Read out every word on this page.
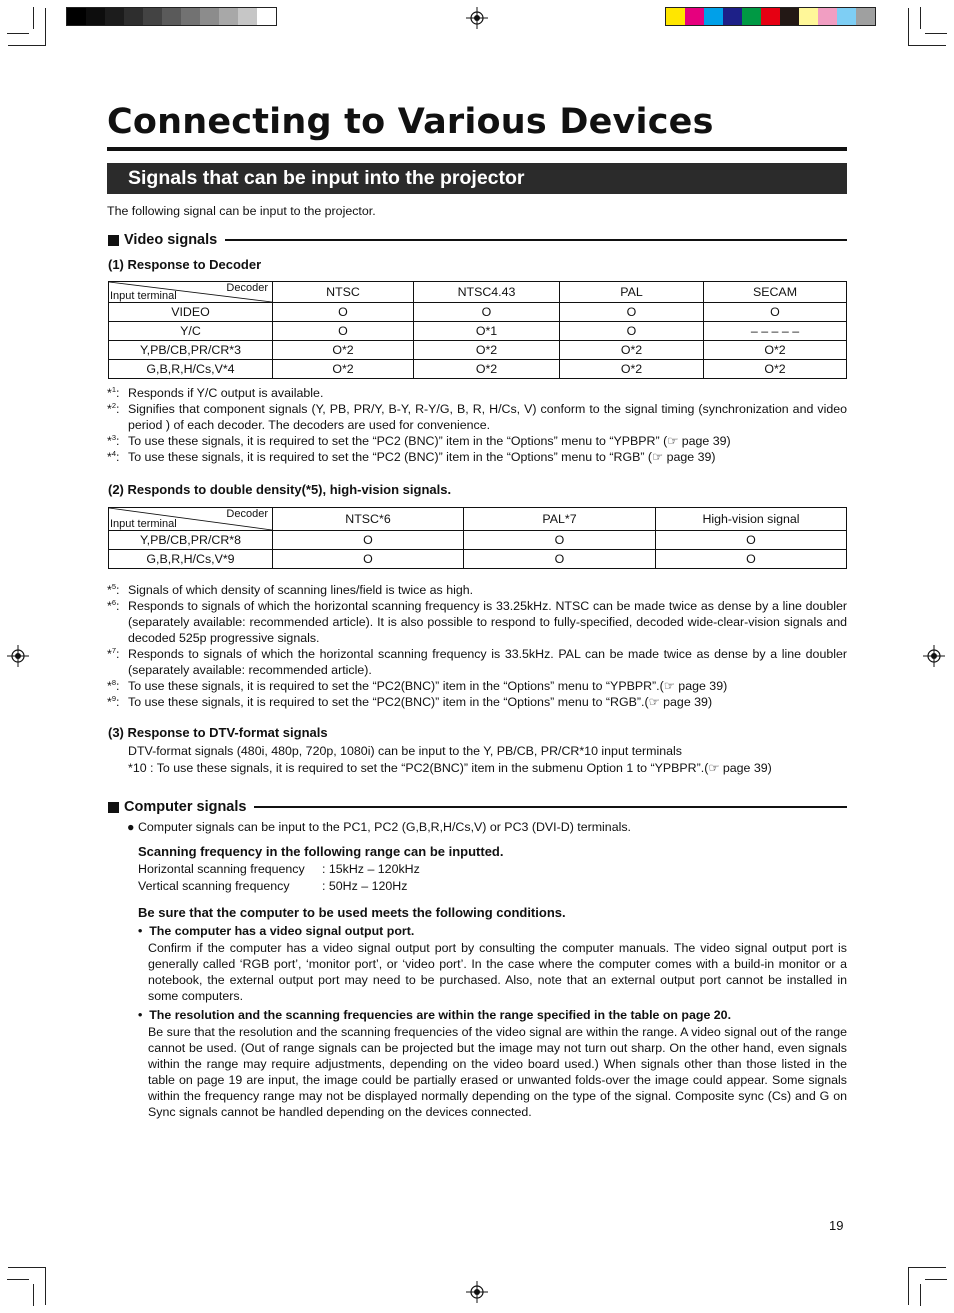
Connecting to Various Devices
Signals that can be input into the projector
The following signal can be input to the projector.
Video signals
(1) Response to Decoder
Decoder
Input terminal	NTSC	NTSC4.43	PAL	SECAM
VIDEO	O	O	O	O
Y/C	O	O*1	O	– – – – –
Y,PB/CB,PR/CR*3	O*2	O*2	O*2	O*2
G,B,R,H/Cs,V*4	O*2	O*2	O*2	O*2
*$^1$: Responds if Y/C output is available.
*$^2$: Signifies that component signals (Y, PB, PR/Y, B-Y, R-Y/G, B, R, H/Cs, V) conform to the signal timing (synchronization and video period ) of each decoder. The decoders are used for convenience.
*$^3$: To use these signals, it is required to set the “PC2 (BNC)” item in the “Options” menu to “YPBPR” (☞ page 39)
*$^4$: To use these signals, it is required to set the “PC2 (BNC)” item in the “Options” menu to “RGB” (☞ page 39)
(2) Responds to double density(*5), high-vision signals.
Decoder
Input terminal	NTSC*6	PAL*7	High-vision signal
Y,PB/CB,PR/CR*8	O	O	O
G,B,R,H/Cs,V*9	O	O	O
*$^5$: Signals of which density of scanning lines/field is twice as high.
*$^6$: Responds to signals of which the horizontal scanning frequency is 33.25kHz. NTSC can be made twice as dense by a line doubler (separately available: recommended article). It is also possible to respond to fully-specified, decoded wide-clear-vision signals and decoded 525p progressive signals.
*$^7$: Responds to signals of which the horizontal scanning frequency is 33.5kHz. PAL can be made twice as dense by a line doubler (separately available: recommended article).
*$^8$: To use these signals, it is required to set the “PC2(BNC)” item in the “Options” menu to “YPBPR”.(☞ page 39)
*$^9$: To use these signals, it is required to set the “PC2(BNC)” item in the “Options” menu to “RGB”.(☞ page 39)
(3) Response to DTV-format signals
DTV-format signals (480i, 480p, 720p, 1080i) can be input to the Y, PB/CB, PR/CR*10 input terminals
*10 : To use these signals, it is required to set the “PC2(BNC)” item in the submenu Option 1 to “YPBPR”.(☞ page 39)
Computer signals
● Computer signals can be input to the PC1, PC2 (G,B,R,H/Cs,V) or PC3 (DVI-D) terminals.
Scanning frequency in the following range can be inputted.
Horizontal scanning frequency : 15kHz – 120kHz
Vertical scanning frequency	: 50Hz – 120Hz
Be sure that the computer to be used meets the following conditions.
•  The computer has a video signal output port.
Confirm if the computer has a video signal output port by consulting the computer manuals. The video signal output port is generally called ‘RGB port’, ‘monitor port’, or ‘video port’. In the case where the computer comes with a build-in monitor or a notebook, the external output port may need to be purchased. Also, note that an external output port cannot be installed in some computers.
•  The resolution and the scanning frequencies are within the range specified in the table on page 20.
Be sure that the resolution and the scanning frequencies of the video signal are within the range. A video signal out of the range cannot be used. (Out of range signals can be projected but the image may not turn out sharp. On the other hand, even signals within the range may require adjustments, depending on the video board used.) When signals other than those listed in the table on page 19 are input, the image could be partially erased or unwanted folds-over the image could appear. Some signals within the frequency range may not be displayed normally depending on the type of the signal. Composite sync (Cs) and G on Sync signals cannot be handled depending on the devices connected.
19
